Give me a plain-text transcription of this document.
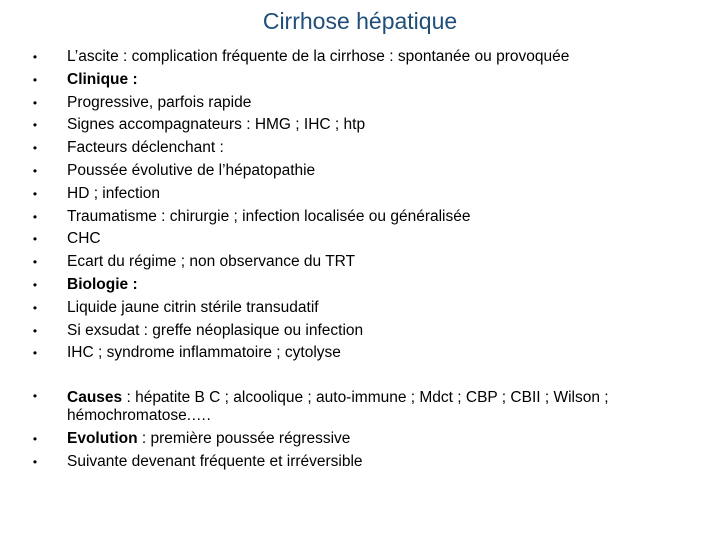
Cirrhose hépatique
• L’ascite : complication fréquente de la cirrhose : spontanée ou provoquée
• Clinique :
• Progressive, parfois rapide
• Signes accompagnateurs : HMG ; IHC ; htp
• Facteurs déclenchant :
• Poussée évolutive de l’hépatopathie
• HD ; infection
• Traumatisme : chirurgie ; infection localisée ou généralisée
• CHC
• Ecart du régime ; non observance du TRT
• Biologie :
• Liquide jaune citrin stérile transudatif
• Si exsudat : greffe néoplasique ou infection
• IHC ; syndrome inflammatoire ; cytolyse
• Causes : hépatite B C ; alcoolique ; auto-immune ; Mdct ; CBP ; CBII ; Wilson ; hémochromatose.….
• Evolution : première poussée régressive
• Suivante devenant fréquente et irréversible
